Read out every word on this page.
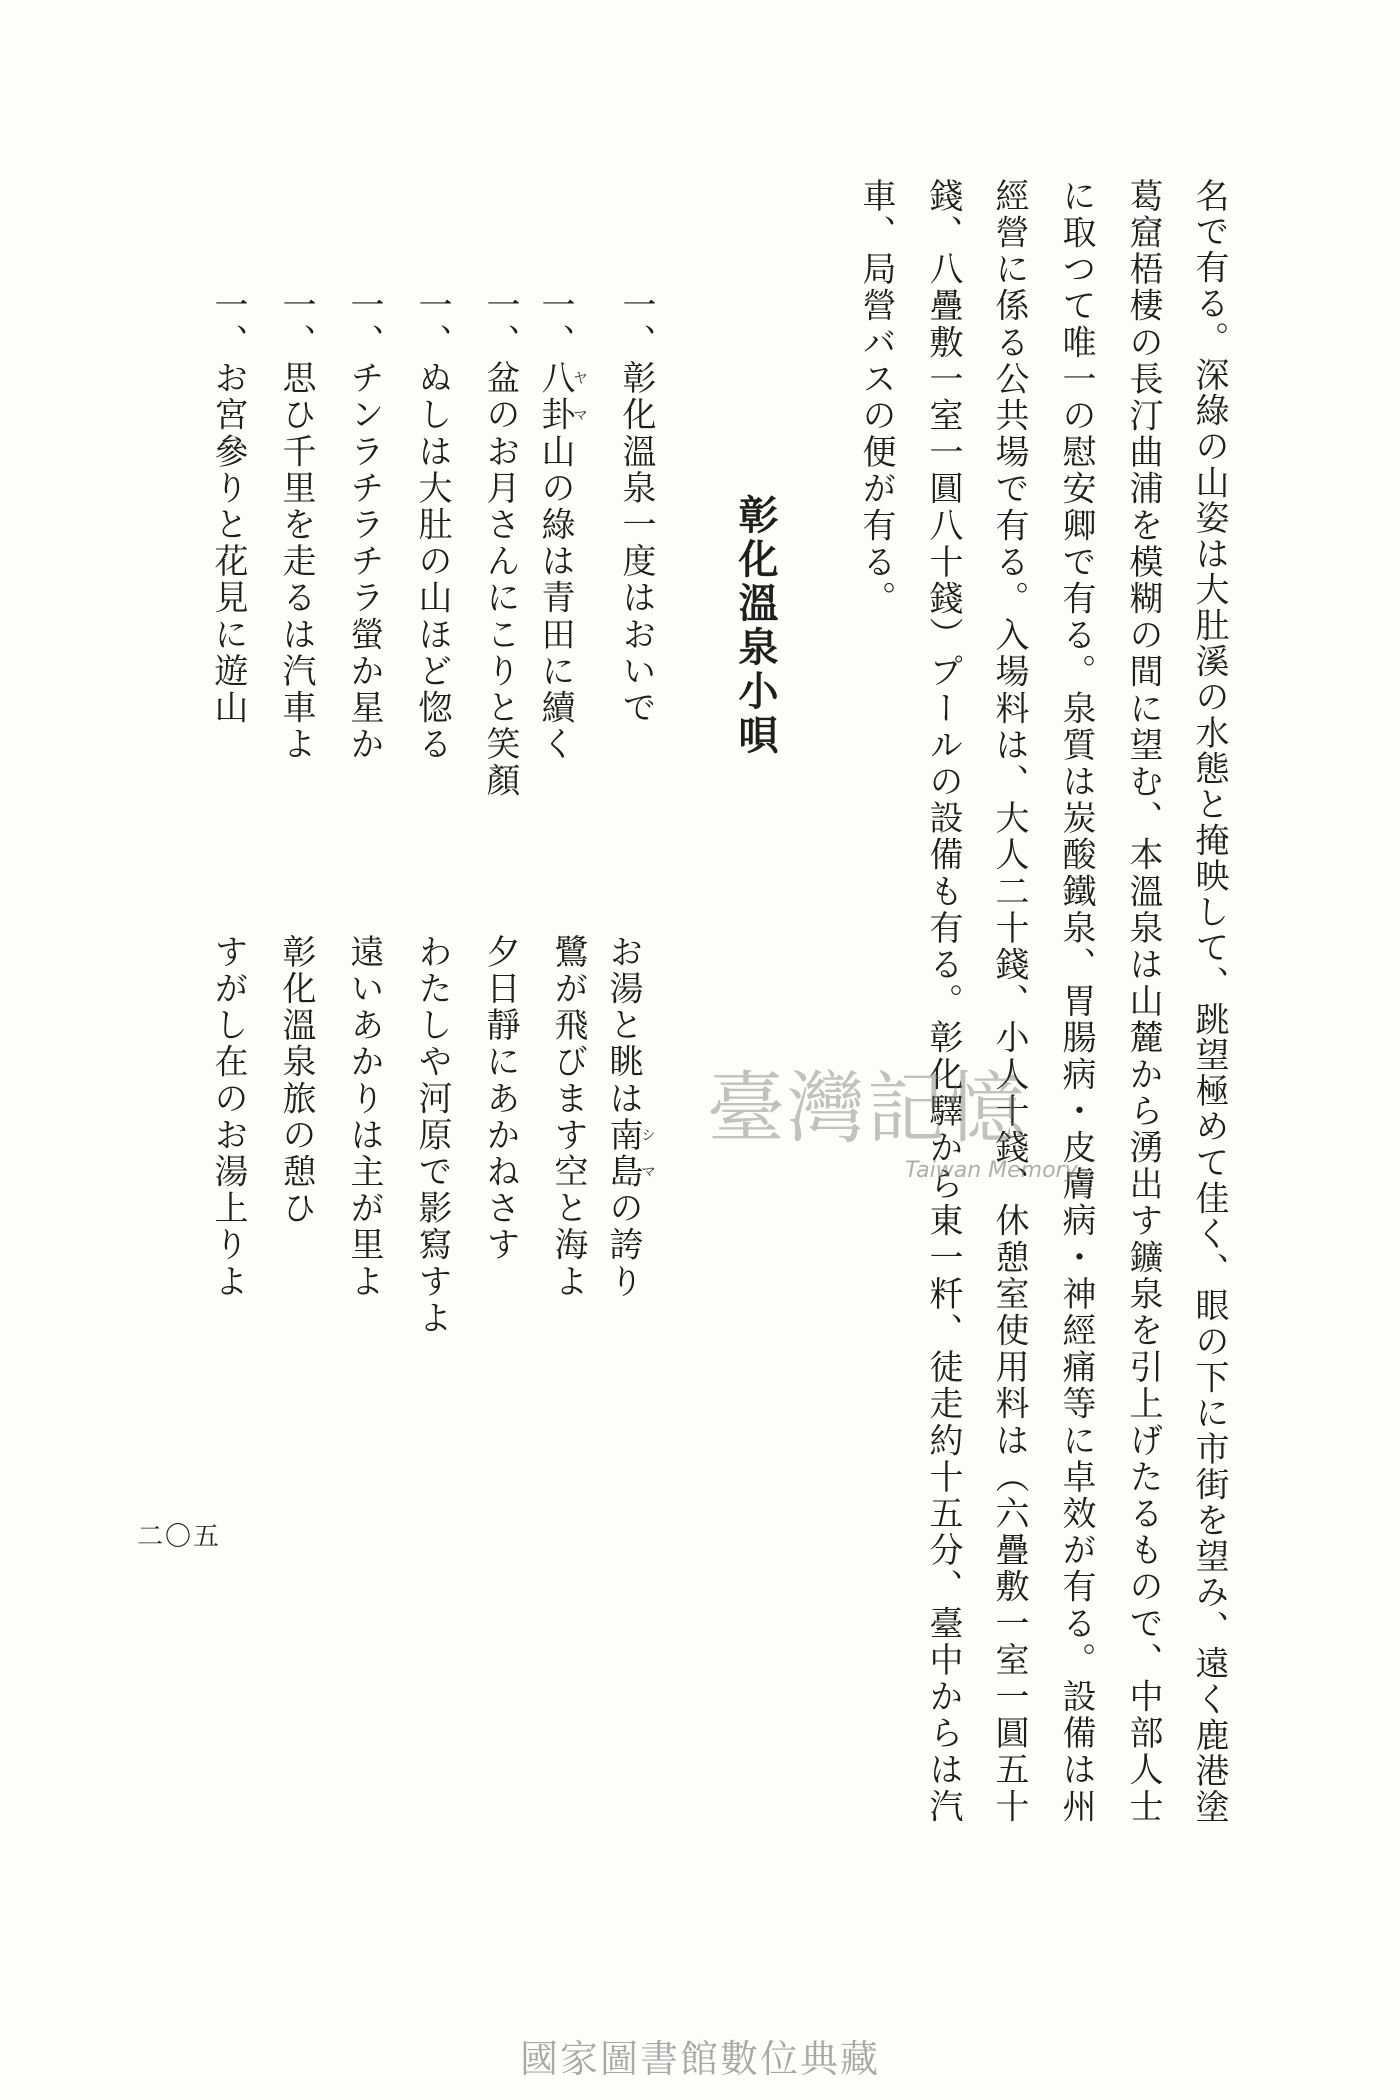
名で有る。深綠の山姿は大肚溪の水態と掩映して、跳望極めて佳く、眼の下に市街を望み、遠く鹿港塗
葛窟梧棲の長汀曲浦を模糊の間に望む、本溫泉は山麓から湧出す鑛泉を引上げたるもので、中部人士
に取つて唯一の慰安卿で有る。泉質は炭酸鐵泉、胃腸病・皮膚病・神經痛等に卓效が有る。設備は州
經營に係る公共場で有る。入場料は、大人二十錢、小人十錢、休憩室使用料は（六疊敷一室一圓五十
錢、八疊敷一室一圓八十錢）プールの設備も有る。彰化驛から東一粁、徒走約十五分、臺中からは汽
車、局營バスの便が有る。
彰化溫泉小唄
一、彰化溫泉一度はおいで
お湯と眺は南島シマの誇り
一、八卦ヤマ山の綠は青田に續く
鷺が飛びます空と海よ
一、盆のお月さんにこりと笑顏
夕日靜にあかねさす
一、ぬしは大肚の山ほど惚る
わたしや河原で影寫すよ
一、チンラチラチラ螢か星か
遠いあかりは主が里よ
一、思ひ千里を走るは汽車よ
彰化溫泉旅の憩ひ
一、お宮參りと花見に遊山
すがし在のお湯上りよ
二〇五
臺灣記憶
Taiwan Memory
國家圖書館數位典藏
